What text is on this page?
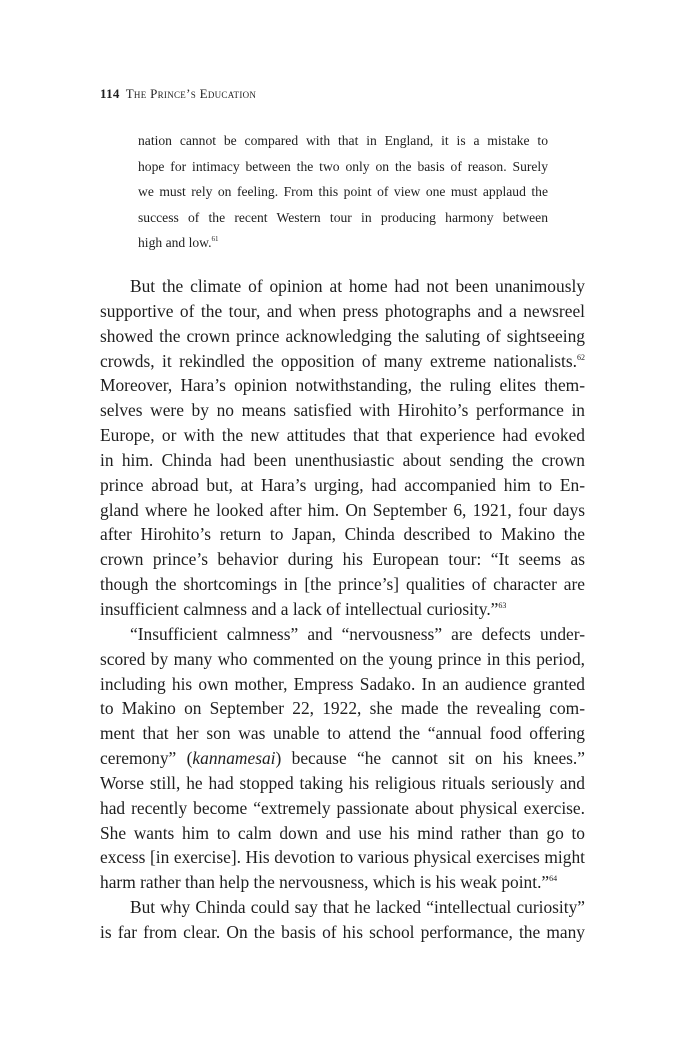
114 The Prince’s Education
nation cannot be compared with that in England, it is a mistake to
hope for intimacy between the two only on the basis of reason. Surely
we must rely on feeling. From this point of view one must applaud the
success of the recent Western tour in producing harmony between
high and low.$^{61}$
But the climate of opinion at home had not been unanimously
supportive of the tour, and when press photographs and a newsreel
showed the crown prince acknowledging the saluting of sightseeing
crowds, it rekindled the opposition of many extreme nationalists.$^{62}$
Moreover, Hara’s opinion notwithstanding, the ruling elites them-
selves were by no means satisfied with Hirohito’s performance in
Europe, or with the new attitudes that that experience had evoked
in him. Chinda had been unenthusiastic about sending the crown
prince abroad but, at Hara’s urging, had accompanied him to En-
gland where he looked after him. On September 6, 1921, four days
after Hirohito’s return to Japan, Chinda described to Makino the
crown prince’s behavior during his European tour: “It seems as
though the shortcomings in [the prince’s] qualities of character are
insufficient calmness and a lack of intellectual curiosity.”$^{63}$
“Insufficient calmness” and “nervousness” are defects under-
scored by many who commented on the young prince in this period,
including his own mother, Empress Sadako. In an audience granted
to Makino on September 22, 1922, she made the revealing com-
ment that her son was unable to attend the “annual food offering
ceremony” (kannamesai) because “he cannot sit on his knees.”
Worse still, he had stopped taking his religious rituals seriously and
had recently become “extremely passionate about physical exercise.
She wants him to calm down and use his mind rather than go to
excess [in exercise]. His devotion to various physical exercises might
harm rather than help the nervousness, which is his weak point.”$^{64}$
But why Chinda could say that he lacked “intellectual curiosity”
is far from clear. On the basis of his school performance, the many
